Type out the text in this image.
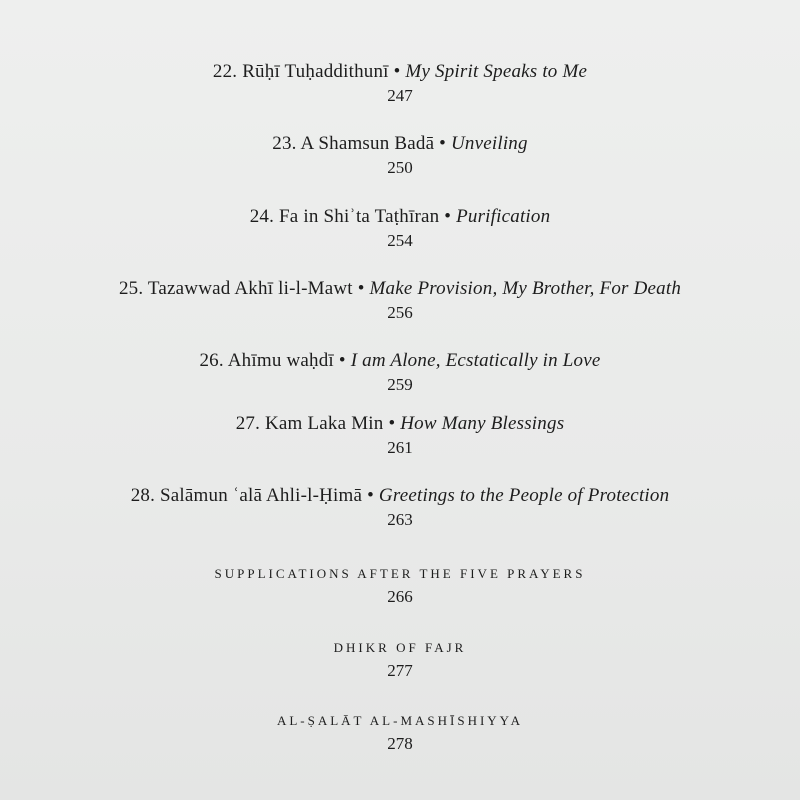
22. Rūḥī Tuḥaddithunī • My Spirit Speaks to Me
247
23. A Shamsun Badā • Unveiling
250
24. Fa in Shiʾta Taṭhīran • Purification
254
25. Tazawwad Akhī li-l-Mawt • Make Provision, My Brother, For Death
256
26. Ahīmu waḥdī • I am Alone, Ecstatically in Love
259
27. Kam Laka Min • How Many Blessings
261
28. Salāmun ʿalā Ahli-l-Ḥimā • Greetings to the People of Protection
263
SUPPLICATIONS AFTER THE FIVE PRAYERS
266
DHIKR OF FAJR
277
AL-ṢALĀT AL-MASHĪSHIYYA
278
